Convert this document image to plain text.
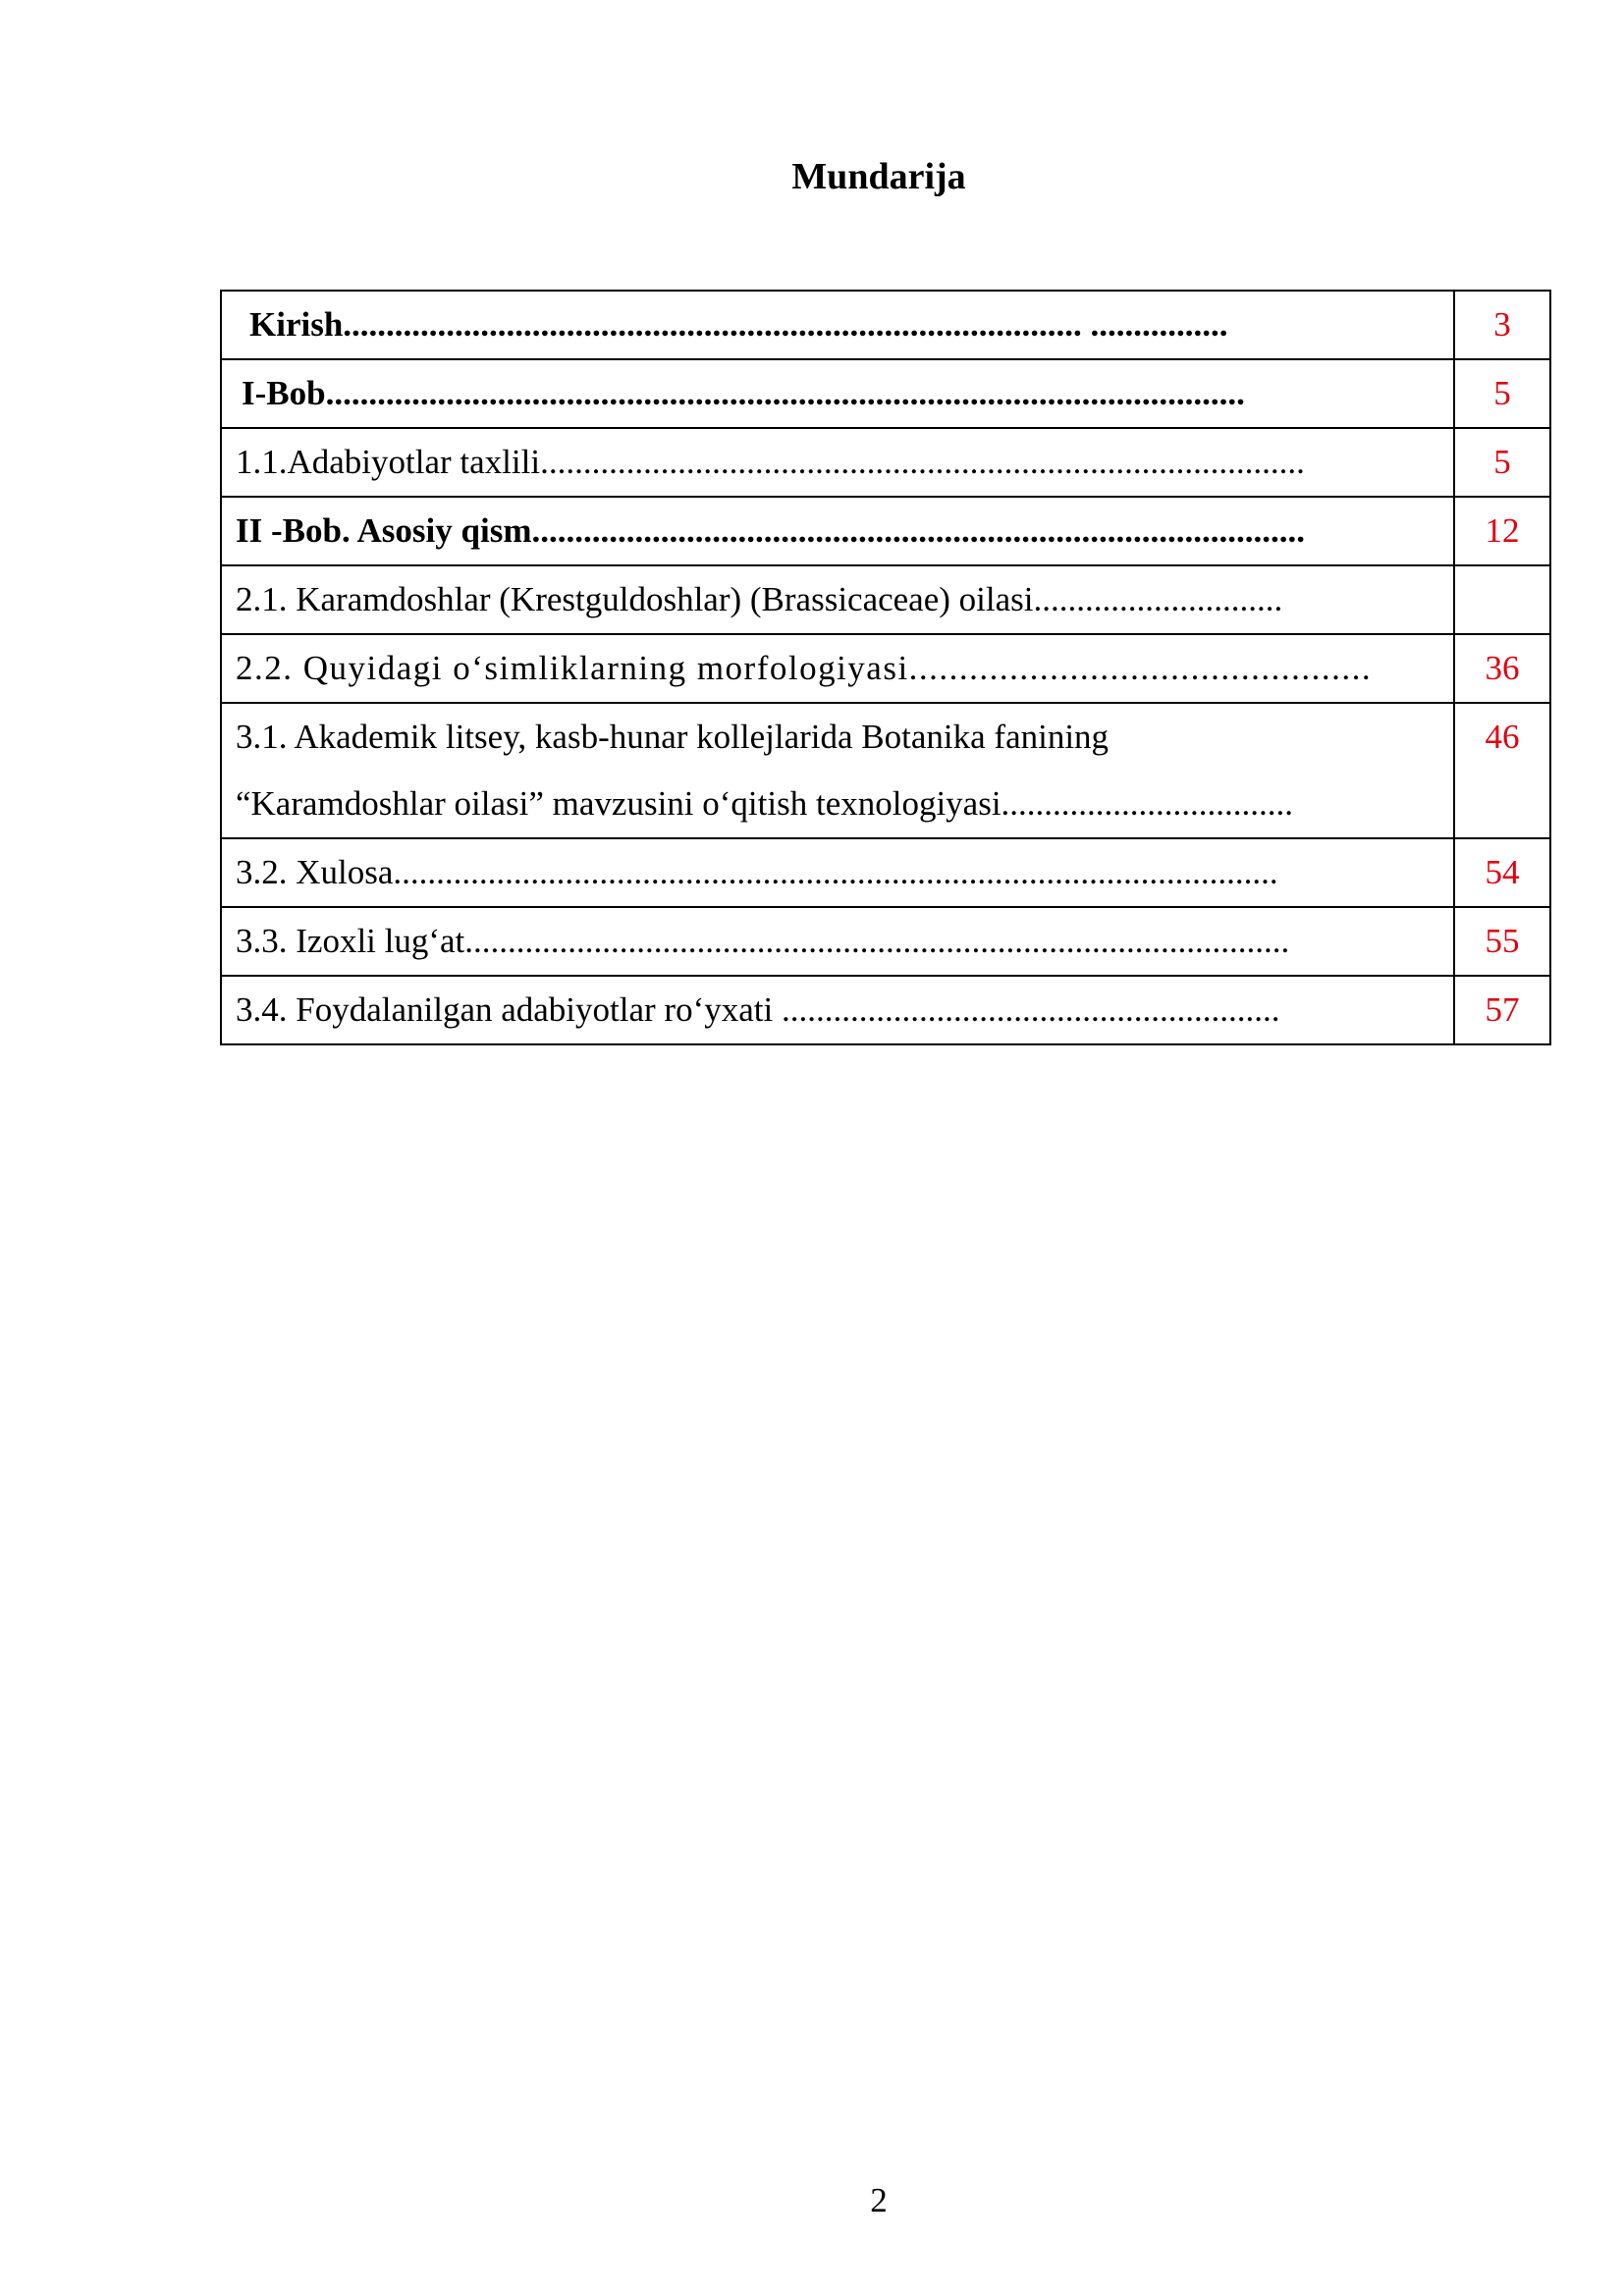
Mundarija
Kirish...................................................................................... ................	3
I-Bob...........................................................................................................	5
1.1.Adabiyotlar taxlili.........................................................................................	5
II -Bob. Asosiy qism..........................................................................................	12
2.1. Karamdoshlar (Krestguldoshlar) (Brassicaceae) oilasi.............................	
2.2. Quyidagi o‘simliklarning morfologiyasi..............................................	36

3.1. Akademik litsey, kasb-hunar kollejlarida Botanika fanining
“Karamdoshlar oilasi” mavzusini o‘qitish texnologiyasi..................................	46
3.2. Xulosa.......................................................................................................	54
3.3. Izoxli lug‘at................................................................................................	55
3.4. Foydalanilgan adabiyotlar ro‘yxati ..........................................................	57
2
